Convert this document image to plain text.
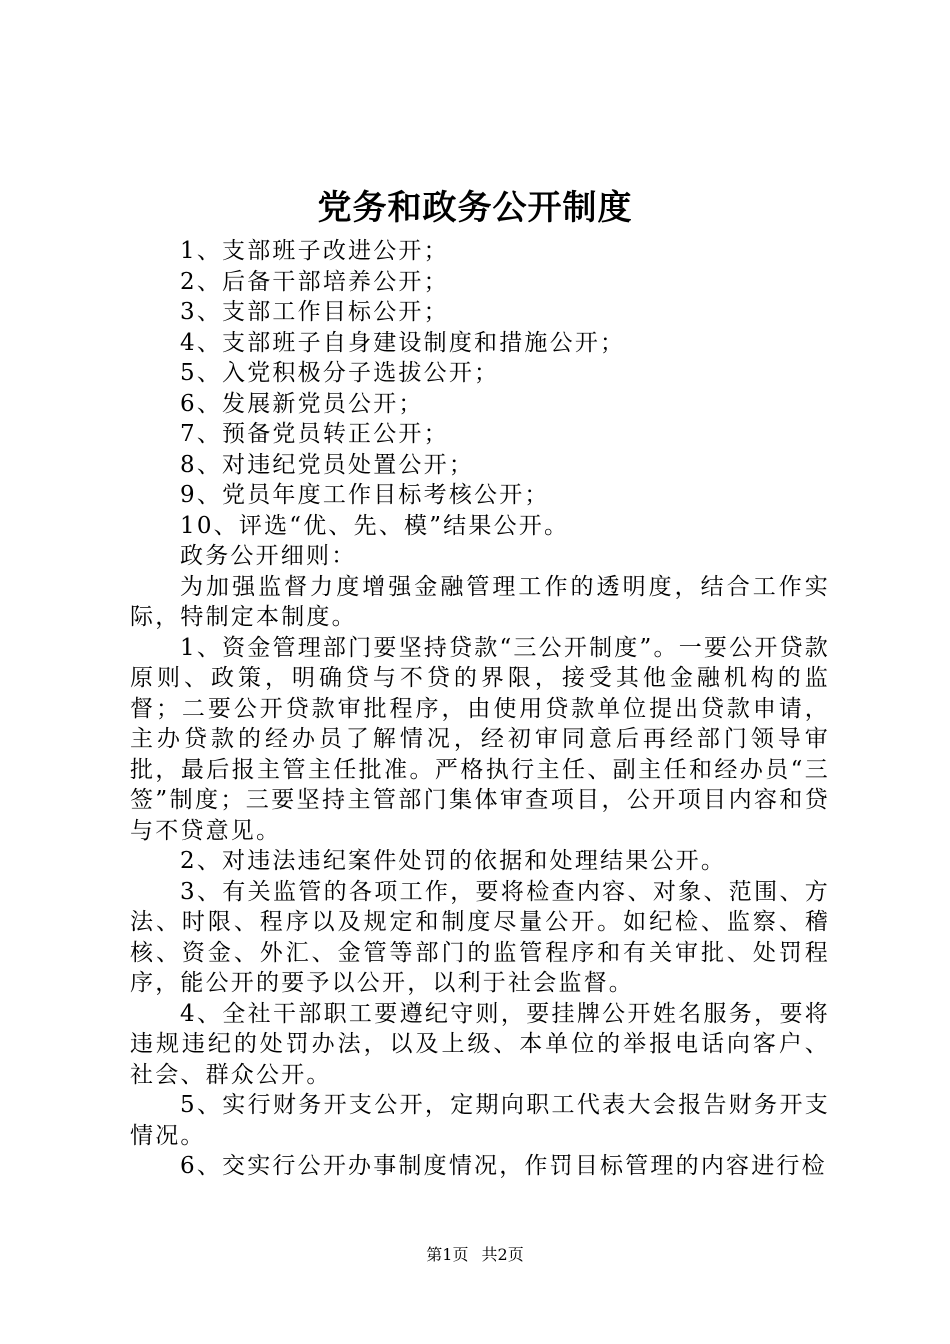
党务和政务公开制度

1、支部班子改进公开；

2、后备干部培养公开；

3、支部工作目标公开；

4、支部班子自身建设制度和措施公开；

5、入党积极分子选拔公开；

6、发展新党员公开；

7、预备党员转正公开；

8、对违纪党员处置公开；

9、党员年度工作目标考核公开；

10、评选“优、先、模”结果公开。

政务公开细则：

为加强监督力度增强金融管理工作的透明度，结合工作实际，特制定本制度。

1、资金管理部门要坚持贷款“三公开制度”。一要公开贷款原则、政策，明确贷与不贷的界限，接受其他金融机构的监督；二要公开贷款审批程序，由使用贷款单位提出贷款申请，主办贷款的经办员了解情况，经初审同意后再经部门领导审批，最后报主管主任批准。严格执行主任、副主任和经办员“三签”制度；三要坚持主管部门集体审查项目，公开项目内容和贷与不贷意见。

2、对违法违纪案件处罚的依据和处理结果公开。

3、有关监管的各项工作，要将检查内容、对象、范围、方法、时限、程序以及规定和制度尽量公开。如纪检、监察、稽核、资金、外汇、金管等部门的监管程序和有关审批、处罚程序，能公开的要予以公开，以利于社会监督。

4、全社干部职工要遵纪守则，要挂牌公开姓名服务，要将违规违纪的处罚办法，以及上级、本单位的举报电话向客户、社会、群众公开。

5、实行财务开支公开，定期向职工代表大会报告财务开支情况。

6、交实行公开办事制度情况，作罚目标管理的内容进行检

第1页 共2页
